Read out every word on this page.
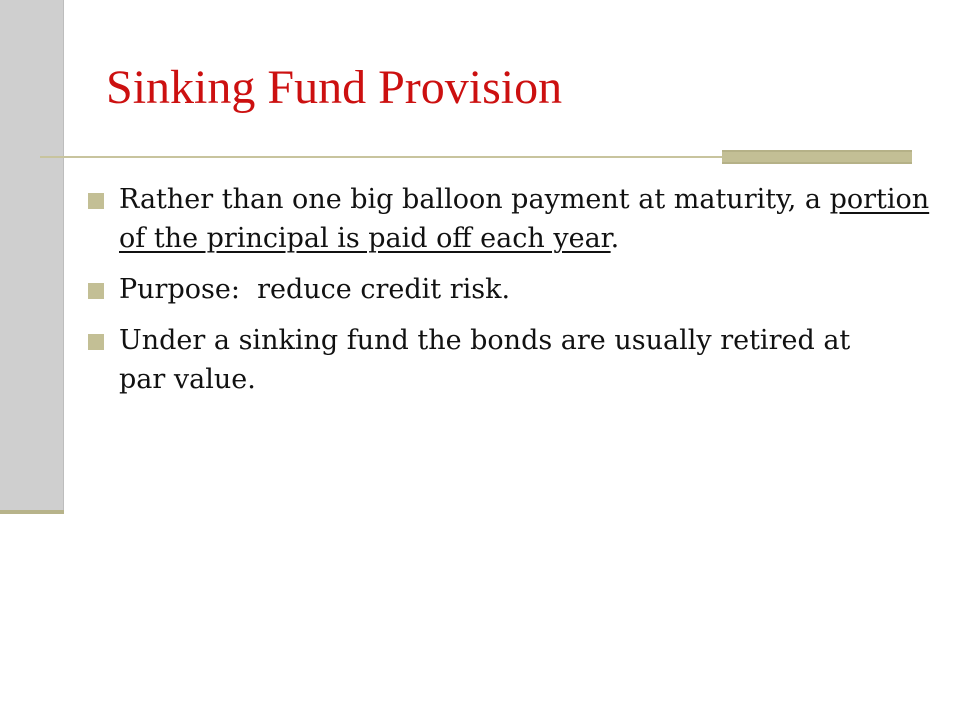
Sinking Fund Provision
Rather than one big balloon payment at maturity, a portion of the principal is paid off each year.
Purpose:  reduce credit risk.
Under a sinking fund the bonds are usually retired at par value.
